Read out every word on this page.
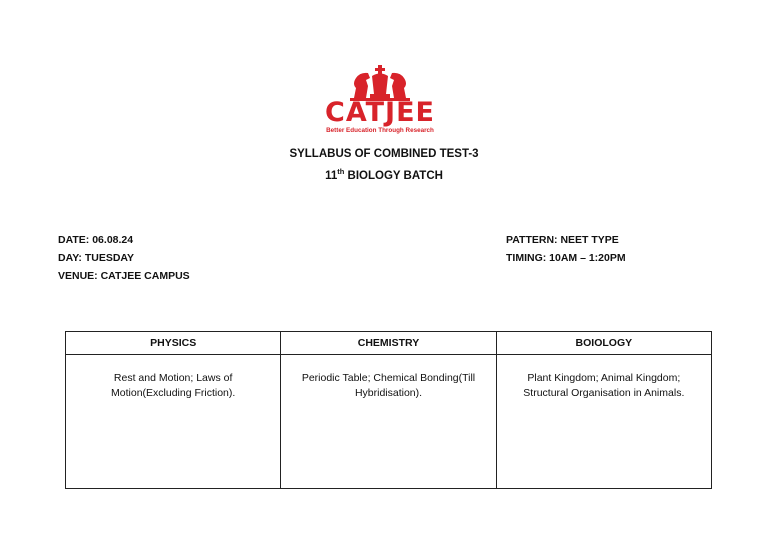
CATJEE
Better Education Through Research
SYLLABUS OF COMBINED TEST-3
11th BIOLOGY BATCH
DATE: 06.08.24
DAY: TUESDAY
VENUE: CATJEE CAMPUS
PATTERN: NEET TYPE
TIMING: 10AM – 1:20PM
PHYSICS	CHEMISTRY	BOIOLOGY
Rest and Motion; Laws of Motion(Excluding Friction).	Periodic Table; Chemical Bonding(Till Hybridisation).	Plant Kingdom; Animal Kingdom; Structural Organisation in Animals.
